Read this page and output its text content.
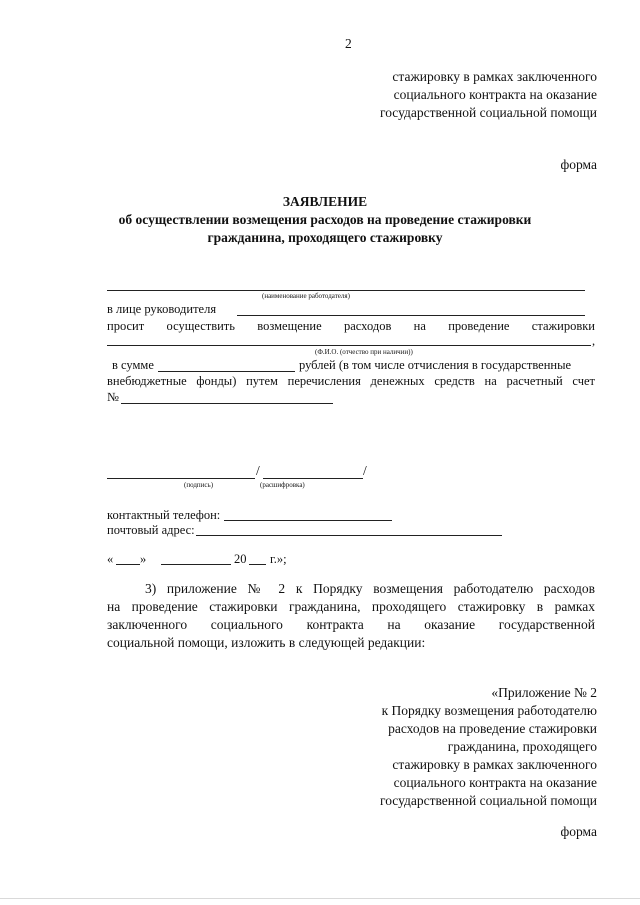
2
стажировку в рамках заключенного
социального контракта на оказание
государственной социальной помощи
форма
ЗАЯВЛЕНИЕ
об осуществлении возмещения расходов на проведение стажировки
гражданина, проходящего стажировку
(наименование работодателя)
в лице руководителя
просит осуществить возмещение расходов на проведение стажировки
,
(Ф.И.О. (отчество при наличии))
в сумме	рублей (в том числе отчисления в государственные
внебюджетные фонды) путем перечисления денежных средств на расчетный счет
№
/	/
(подпись)	(расшифровка)
контактный телефон:
почтовый адрес:
« »	20 г.»;
3) приложение № 2 к Порядку возмещения работодателю расходов
на проведение стажировки гражданина, проходящего стажировку в рамках
заключенного социального контракта на оказание государственной
социальной помощи, изложить в следующей редакции:
«Приложение № 2
к Порядку возмещения работодателю
расходов на проведение стажировки
гражданина, проходящего
стажировку в рамках заключенного
социального контракта на оказание
государственной социальной помощи
форма
